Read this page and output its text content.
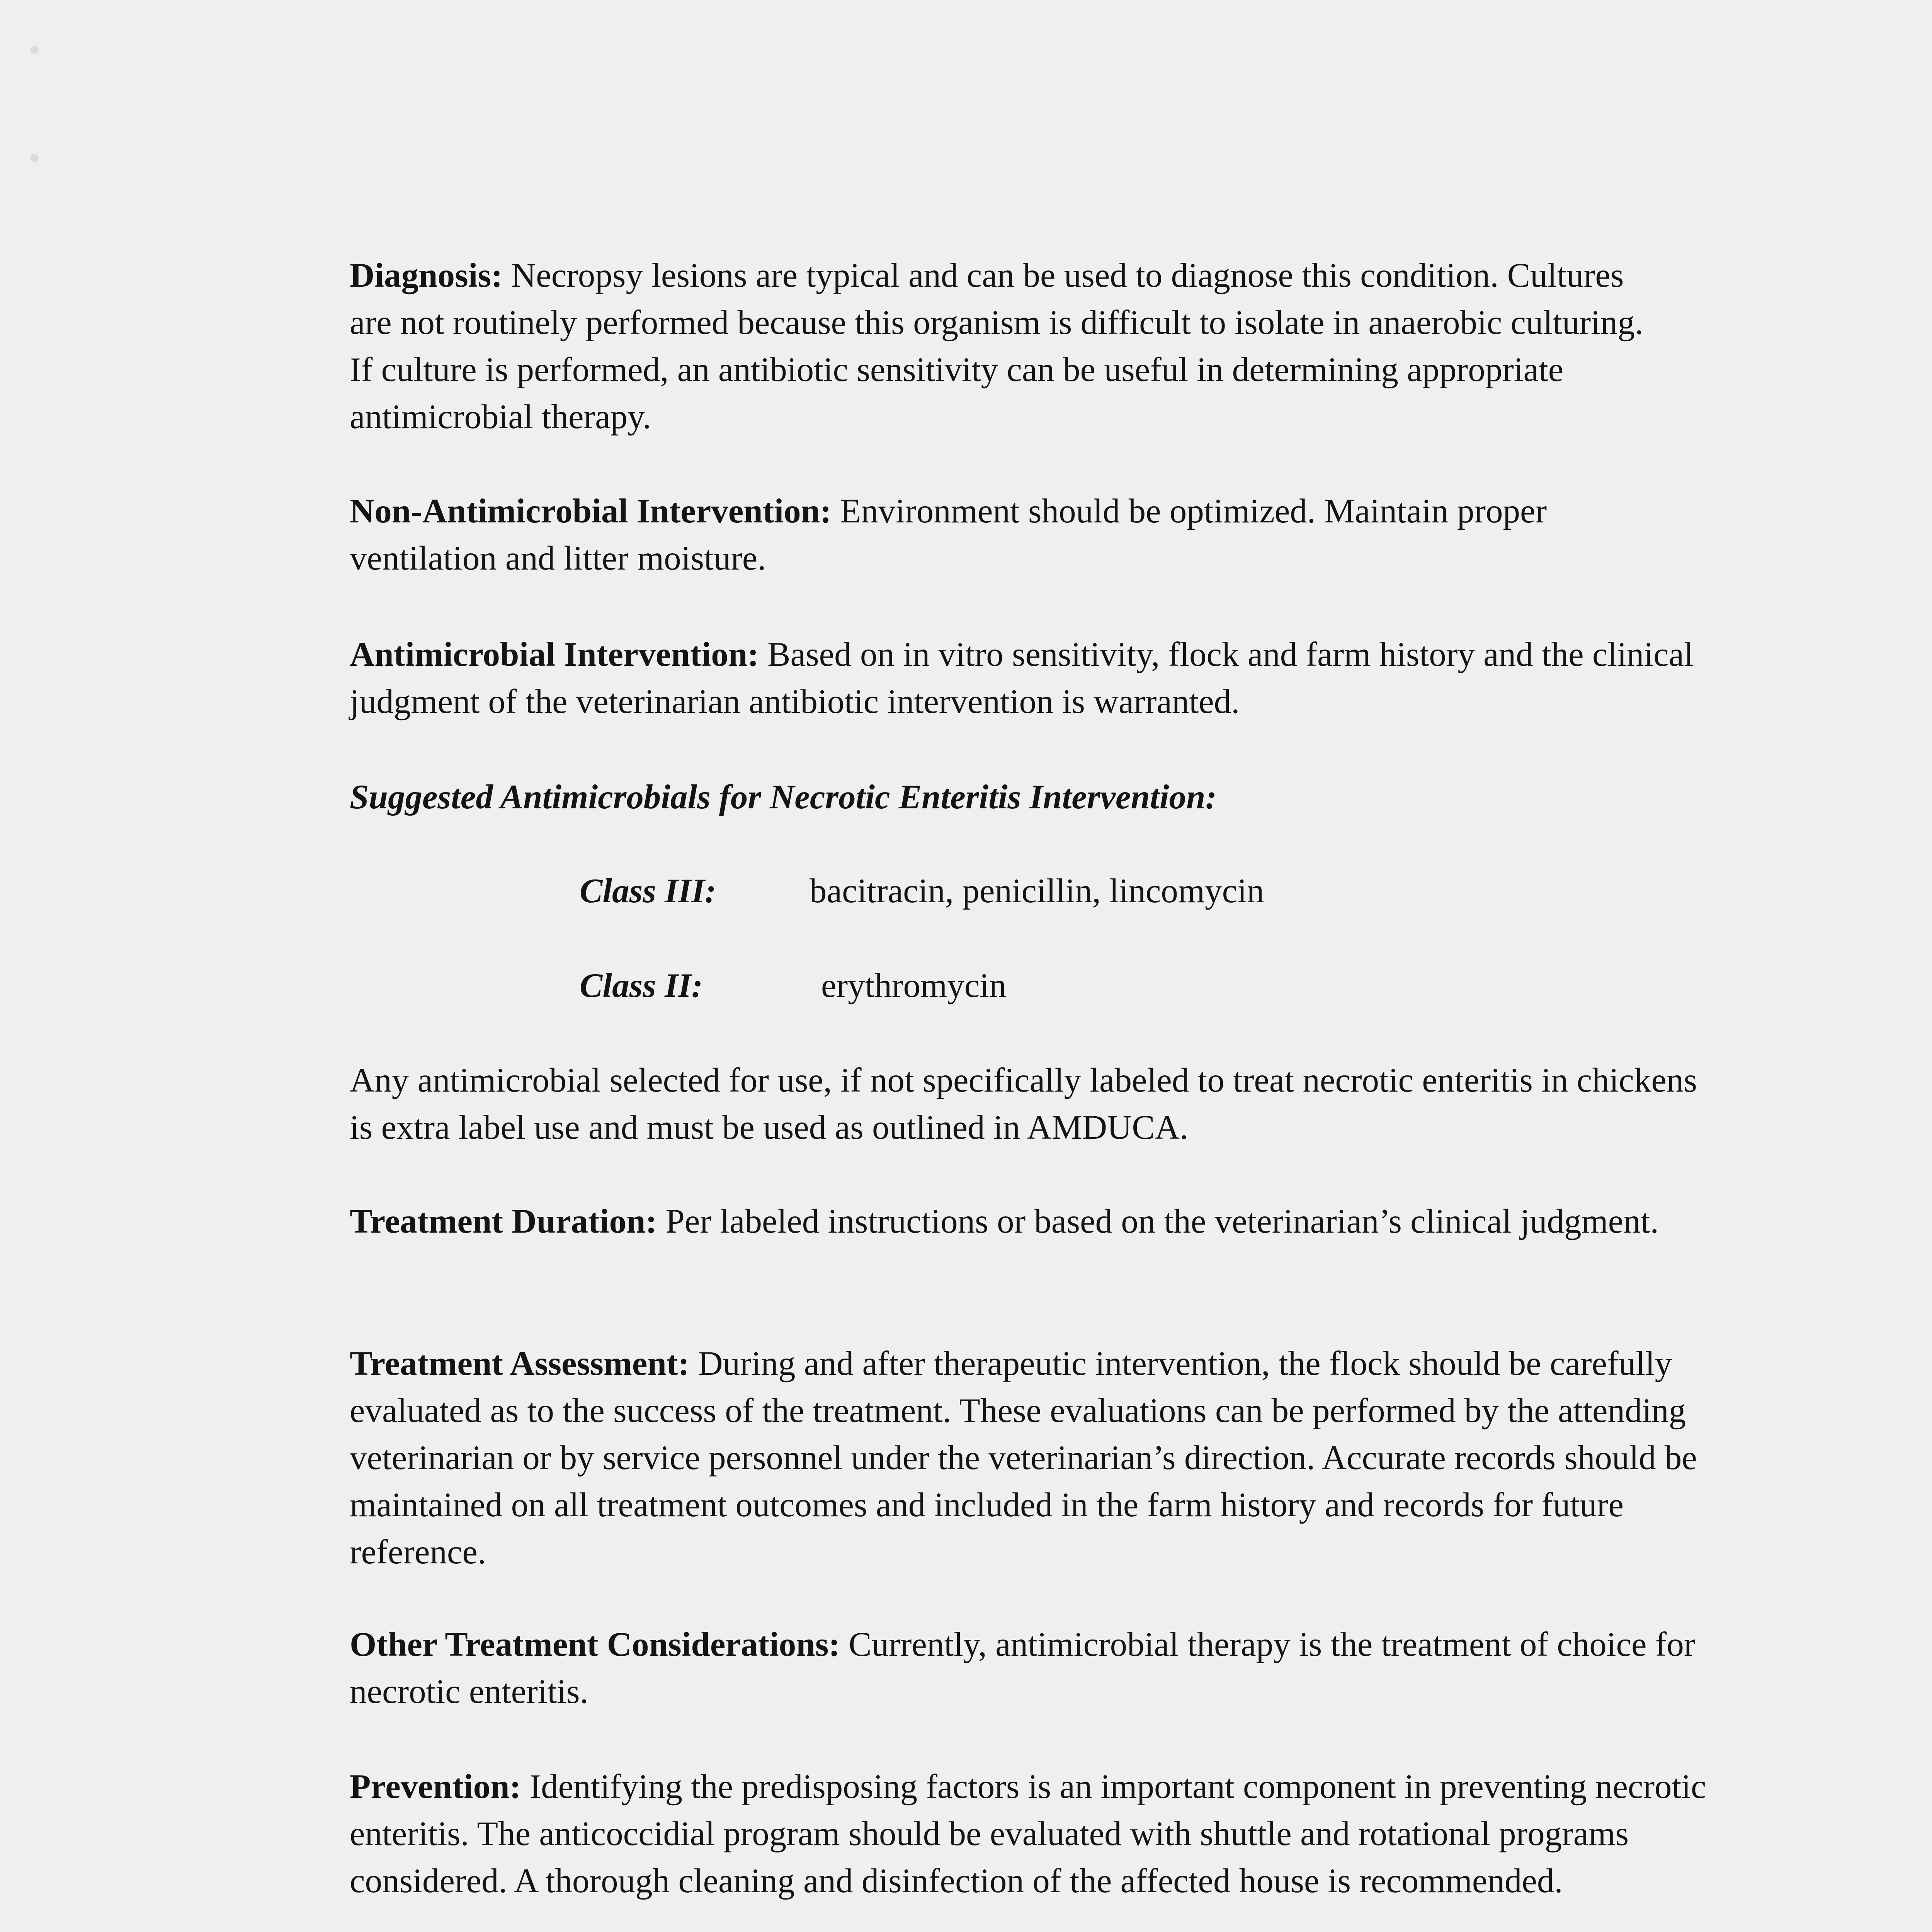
Diagnosis: Necropsy lesions are typical and can be used to diagnose this condition. Cultures are not routinely performed because this organism is difficult to isolate in anaerobic culturing. If culture is performed, an antibiotic sensitivity can be useful in determining appropriate antimicrobial therapy.

Non-Antimicrobial Intervention: Environment should be optimized. Maintain proper ventilation and litter moisture.

Antimicrobial Intervention: Based on in vitro sensitivity, flock and farm history and the clinical judgment of the veterinarian antibiotic intervention is warranted.

Suggested Antimicrobials for Necrotic Enteritis Intervention:

Class III:	bacitracin, penicillin, lincomycin
Class II:	erythromycin

Any antimicrobial selected for use, if not specifically labeled to treat necrotic enteritis in chickens is extra label use and must be used as outlined in AMDUCA.

Treatment Duration: Per labeled instructions or based on the veterinarian’s clinical judgment.

Treatment Assessment: During and after therapeutic intervention, the flock should be carefully evaluated as to the success of the treatment. These evaluations can be performed by the attending veterinarian or by service personnel under the veterinarian’s direction. Accurate records should be maintained on all treatment outcomes and included in the farm history and records for future reference.

Other Treatment Considerations: Currently, antimicrobial therapy is the treatment of choice for necrotic enteritis.

Prevention: Identifying the predisposing factors is an important component in preventing necrotic enteritis. The anticoccidial program should be evaluated with shuttle and rotational programs considered. A thorough cleaning and disinfection of the affected house is recommended.
